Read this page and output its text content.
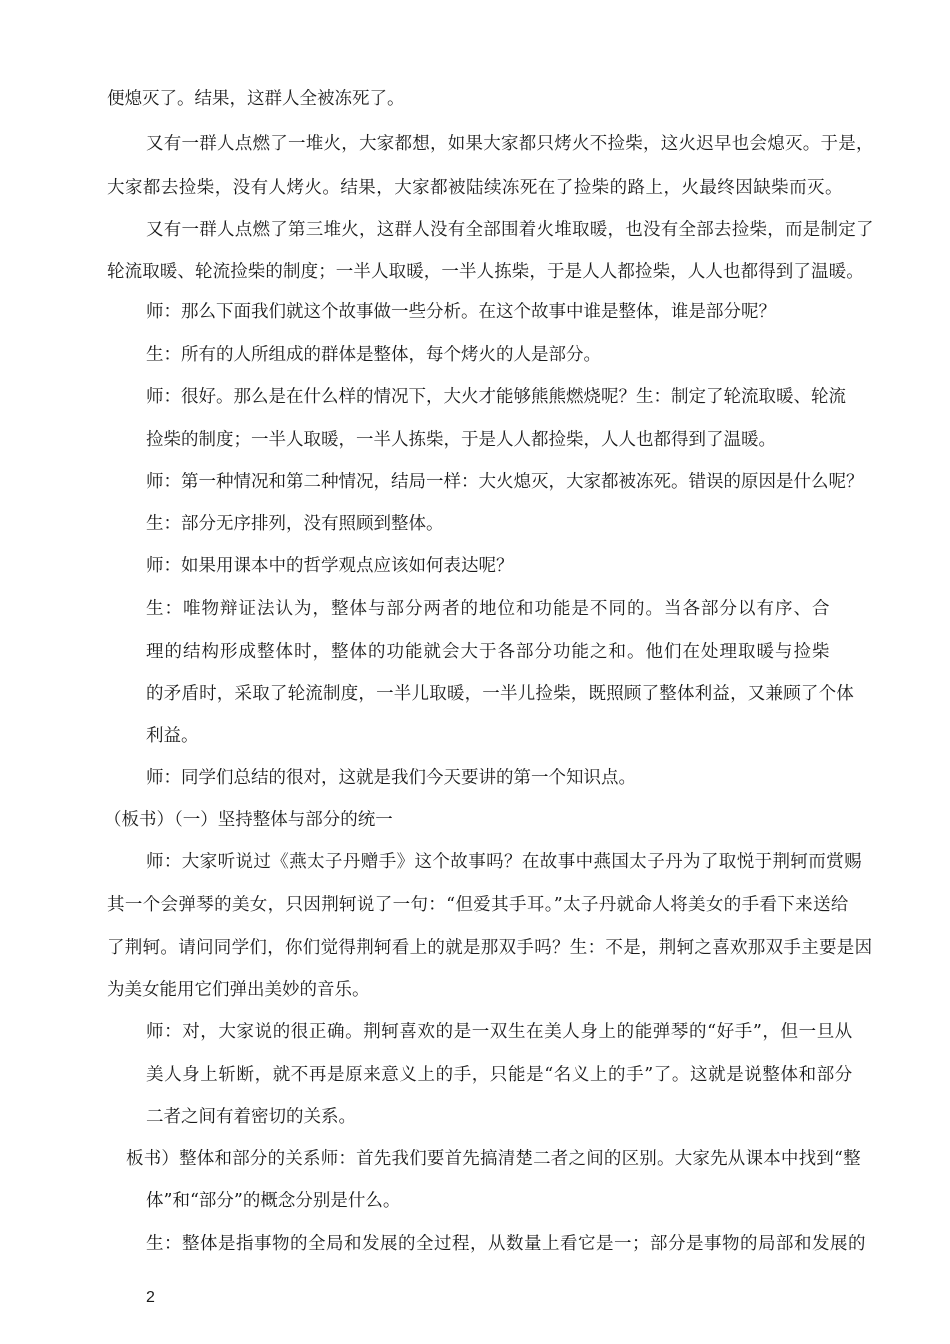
便熄灭了。结果，这群人全被冻死了。
又有一群人点燃了一堆火，大家都想，如果大家都只烤火不捡柴，这火迟早也会熄灭。于是，
大家都去捡柴，没有人烤火。结果，大家都被陆续冻死在了捡柴的路上，火最终因缺柴而灭。
又有一群人点燃了第三堆火，这群人没有全部围着火堆取暖，也没有全部去捡柴，而是制定了
轮流取暖、轮流捡柴的制度；一半人取暖，一半人拣柴，于是人人都捡柴，人人也都得到了温暖。
师：那么下面我们就这个故事做一些分析。在这个故事中谁是整体，谁是部分呢？
生：所有的人所组成的群体是整体，每个烤火的人是部分。
师：很好。那么是在什么样的情况下，大火才能够熊熊燃烧呢？生：制定了轮流取暖、轮流
捡柴的制度；一半人取暖，一半人拣柴，于是人人都捡柴，人人也都得到了温暖。
师：第一种情况和第二种情况，结局一样：大火熄灭，大家都被冻死。错误的原因是什么呢？
生：部分无序排列，没有照顾到整体。
师：如果用课本中的哲学观点应该如何表达呢？
生：唯物辩证法认为，整体与部分两者的地位和功能是不同的。当各部分以有序、合
理的结构形成整体时，整体的功能就会大于各部分功能之和。他们在处理取暖与捡柴
的矛盾时，采取了轮流制度，一半儿取暖，一半儿捡柴，既照顾了整体利益，又兼顾了个体
利益。
师：同学们总结的很对，这就是我们今天要讲的第一个知识点。
（板书）（一）坚持整体与部分的统一
师：大家听说过《燕太子丹赠手》这个故事吗？在故事中燕国太子丹为了取悦于荆轲而赏赐
其一个会弹琴的美女，只因荆轲说了一句：“但爱其手耳。”太子丹就命人将美女的手看下来送给
了荆轲。请问同学们，你们觉得荆轲看上的就是那双手吗？生：不是，荆轲之喜欢那双手主要是因
为美女能用它们弹出美妙的音乐。
师：对，大家说的很正确。荆轲喜欢的是一双生在美人身上的能弹琴的“好手”，但一旦从
美人身上斩断，就不再是原来意义上的手，只能是“名义上的手”了。这就是说整体和部分
二者之间有着密切的关系。
板书）整体和部分的关系师：首先我们要首先搞清楚二者之间的区别。大家先从课本中找到“整
体”和“部分”的概念分别是什么。
生：整体是指事物的全局和发展的全过程，从数量上看它是一；部分是事物的局部和发展的
2
